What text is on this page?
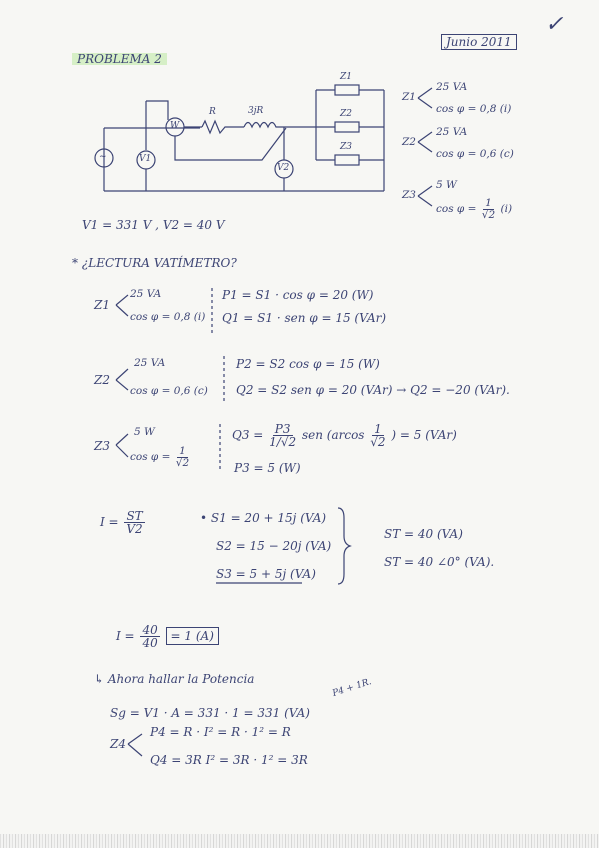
Junio 2011
✓
PROBLEMA 2
Z1
Z2
Z3
R	3jR
W
V1
V2
~
Z1
25 VA
cos φ = 0,8 (i)
Z2
25 VA
cos φ = 0,6 (c)
Z3
5 W
$\cos \varphi = \frac{1}{√2} (i)$
V1 = 331 V , V2 = 40 V
* ¿LECTURA VATÍMETRO?
Z1
25 VA
cos φ = 0,8 (i)
P1 = S1 · cos φ = 20 (W)
Q1 = S1 · sen φ = 15 (VAr)
Z2
25 VA
cos φ = 0,6 (c)
P2 = S2 cos φ = 15 (W)
Q2 = S2 sen φ = 20 (VAr) → Q2 = −20 (VAr).
Z3
5 W
$\cos \varphi = \frac{1}{√2}$
$Q3 = \frac{P3}{1/√2}$ sen ($arcos \frac{1}{√2}$ ) = 5 (VAr)
P3 = 5 (W)
$I = \frac{ST}{V2}$	• S1 = 20 + 15j (VA)
S2 = 15 − 20j (VA)
S3 = 5 + 5j (VA)
ST = 40 (VA)
ST = 40 ∠0° (VA).
$I = \frac{40}{40} = 1$ (A)
↳ Ahora hallar la Potencia	P4 + 1R.
Sg = V1 · A = 331 · 1 = 331 (VA)
Z4
P4 = R · I² = R · 1² = R
Q4 = 3R I² = 3R · 1² = 3R
